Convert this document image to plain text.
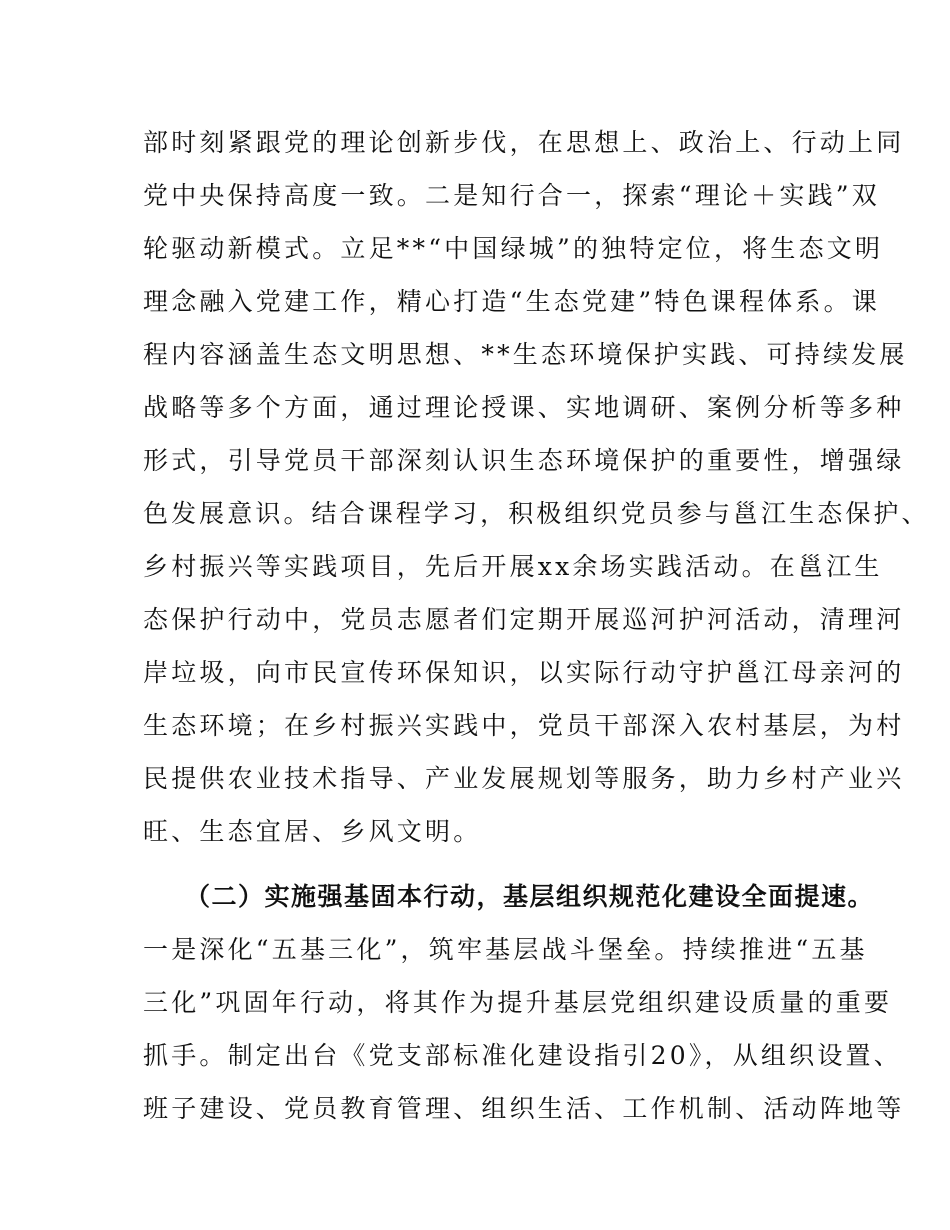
部时刻紧跟党的理论创新步伐，在思想上、政治上、行动上同
党中央保持高度一致。二是知行合一，探索“理论＋实践”双
轮驱动新模式。立足**“中国绿城”的独特定位，将生态文明
理念融入党建工作，精心打造“生态党建”特色课程体系。课
程内容涵盖生态文明思想、**生态环境保护实践、可持续发展
战略等多个方面，通过理论授课、实地调研、案例分析等多种
形式，引导党员干部深刻认识生态环境保护的重要性，增强绿
色发展意识。结合课程学习，积极组织党员参与邕江生态保护、
乡村振兴等实践项目，先后开展xx余场实践活动。在邕江生
态保护行动中，党员志愿者们定期开展巡河护河活动，清理河
岸垃圾，向市民宣传环保知识，以实际行动守护邕江母亲河的
生态环境；在乡村振兴实践中，党员干部深入农村基层，为村
民提供农业技术指导、产业发展规划等服务，助力乡村产业兴
旺、生态宜居、乡风文明。
（二）实施强基固本行动，基层组织规范化建设全面提速。
一是深化“五基三化”，筑牢基层战斗堡垒。持续推进“五基
三化”巩固年行动，将其作为提升基层党组织建设质量的重要
抓手。制定出台《党支部标准化建设指引20》，从组织设置、
班子建设、党员教育管理、组织生活、工作机制、活动阵地等
